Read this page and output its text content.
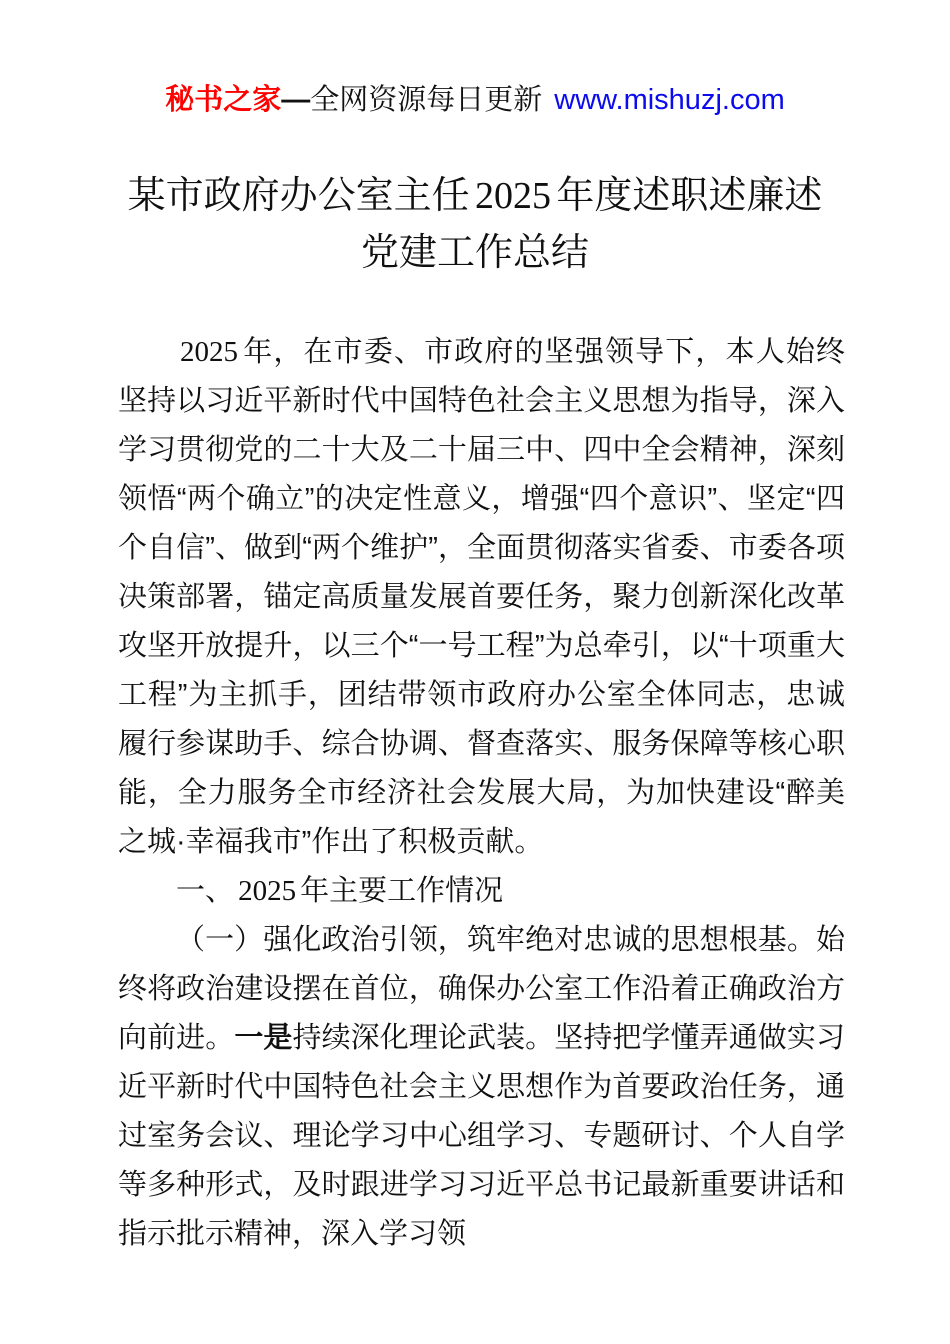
秘书之家—全网资源每日更新 www.mishuzj.com
某市政府办公室主任 2025 年度述职述廉述
党建工作总结

2025 年，在市委、市政府的坚强领导下，本人始终坚持以习近平新时代中国特色社会主义思想为指导，深入学习贯彻党的二十大及二十届三中、四中全会精神，深刻领悟“两个确立”的决定性意义，增强“四个意识”、坚定“四个自信”、做到“两个维护”，全面贯彻落实省委、市委各项决策部署，锚定高质量发展首要任务，聚力创新深化改革攻坚开放提升，以三个“一号工程”为总牵引，以“十项重大工程”为主抓手，团结带领市政府办公室全体同志，忠诚履行参谋助手、综合协调、督查落实、服务保障等核心职能，全力服务全市经济社会发展大局，为加快建设“醉美之城·幸福我市”作出了积极贡献。

一、 2025 年主要工作情况

（一）强化政治引领，筑牢绝对忠诚的思想根基。始终将政治建设摆在首位，确保办公室工作沿着正确政治方向前进。一是持续深化理论武装。坚持把学懂弄通做实习近平新时代中国特色社会主义思想作为首要政治任务，通过室务会议、理论学习中心组学习、专题研讨、个人自学等多种形式，及时跟进学习习近平总书记最新重要讲话和指示批示精神，深入学习领
